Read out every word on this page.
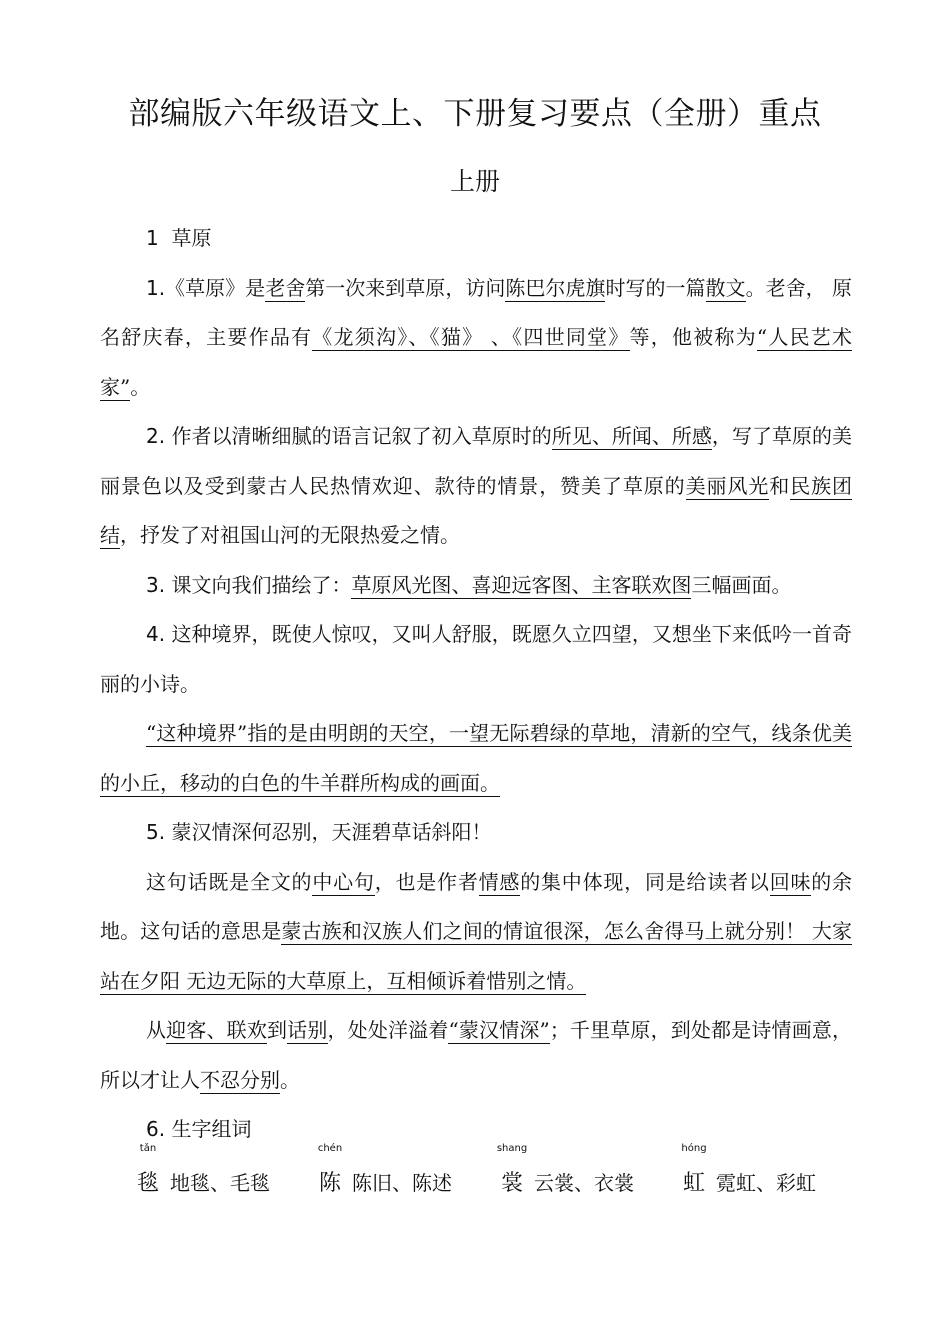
部编版六年级语文上、下册复习要点（全册）重点
上册

1 草原

1.《草原》是老舍第一次来到草原，访问陈巴尔虎旗时写的一篇散文。老舍， 原名舒庆春，主要作品有《龙须沟》、《猫》 、《四世同堂》等，他被称为“人民艺术家”。

2. 作者以清晰细腻的语言记叙了初入草原时的所见、所闻、所感，写了草原的美丽景色以及受到蒙古人民热情欢迎、款待的情景，赞美了草原的美丽风光和民族团结，抒发了对祖国山河的无限热爱之情。

3. 课文向我们描绘了：草原风光图、喜迎远客图、主客联欢图三幅画面。

4. 这种境界，既使人惊叹，又叫人舒服，既愿久立四望，又想坐下来低吟一首奇丽的小诗。

“这种境界”指的是由明朗的天空，一望无际碧绿的草地，清新的空气，线条优美的小丘，移动的白色的牛羊群所构成的画面。

5. 蒙汉情深何忍别，天涯碧草话斜阳！

这句话既是全文的中心句，也是作者情感的集中体现，同是给读者以回味的余地。这句话的意思是蒙古族和汉族人们之间的情谊很深，怎么舍得马上就分别！ 大家站在夕阳 无边无际的大草原上，互相倾诉着惜别之情。

从迎客、联欢到话别，处处洋溢着“蒙汉情深”；千里草原，到处都是诗情画意，所以才让人不忍分别。

6. 生字组词

tǎn
毯 地毯、毛毯
chén
陈 陈旧、陈述
shang
裳 云裳、衣裳
hóng
虹 霓虹、彩虹
